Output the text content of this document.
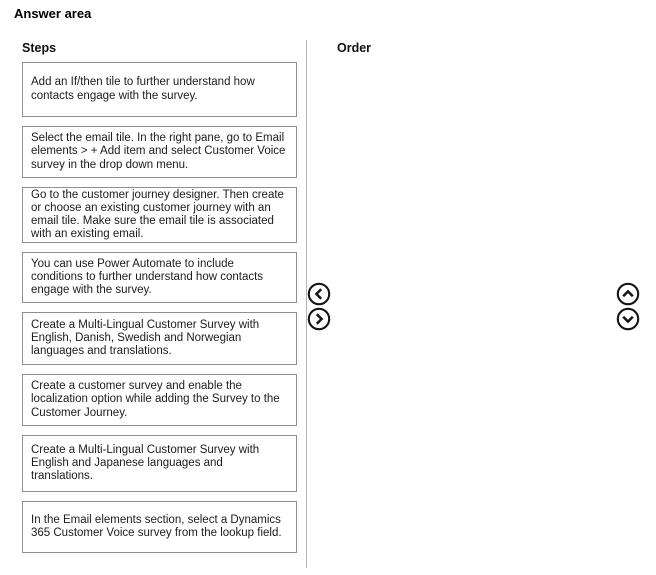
Answer area
Steps	Order
Add an If/then tile to further understand how contacts engage with the survey.
Select the email tile. In the right pane, go to Email elements > + Add item and select Customer Voice survey in the drop down menu.
Go to the customer journey designer. Then create or choose an existing customer journey with an email tile. Make sure the email tile is associated with an existing email.
You can use Power Automate to include conditions to further understand how contacts engage with the survey.
Create a Multi-Lingual Customer Survey with English, Danish, Swedish and Norwegian languages and translations.
Create a customer survey and enable the localization option while adding the Survey to the Customer Journey.
Create a Multi-Lingual Customer Survey with English and Japanese languages and translations.
In the Email elements section, select a Dynamics 365 Customer Voice survey from the lookup field.
